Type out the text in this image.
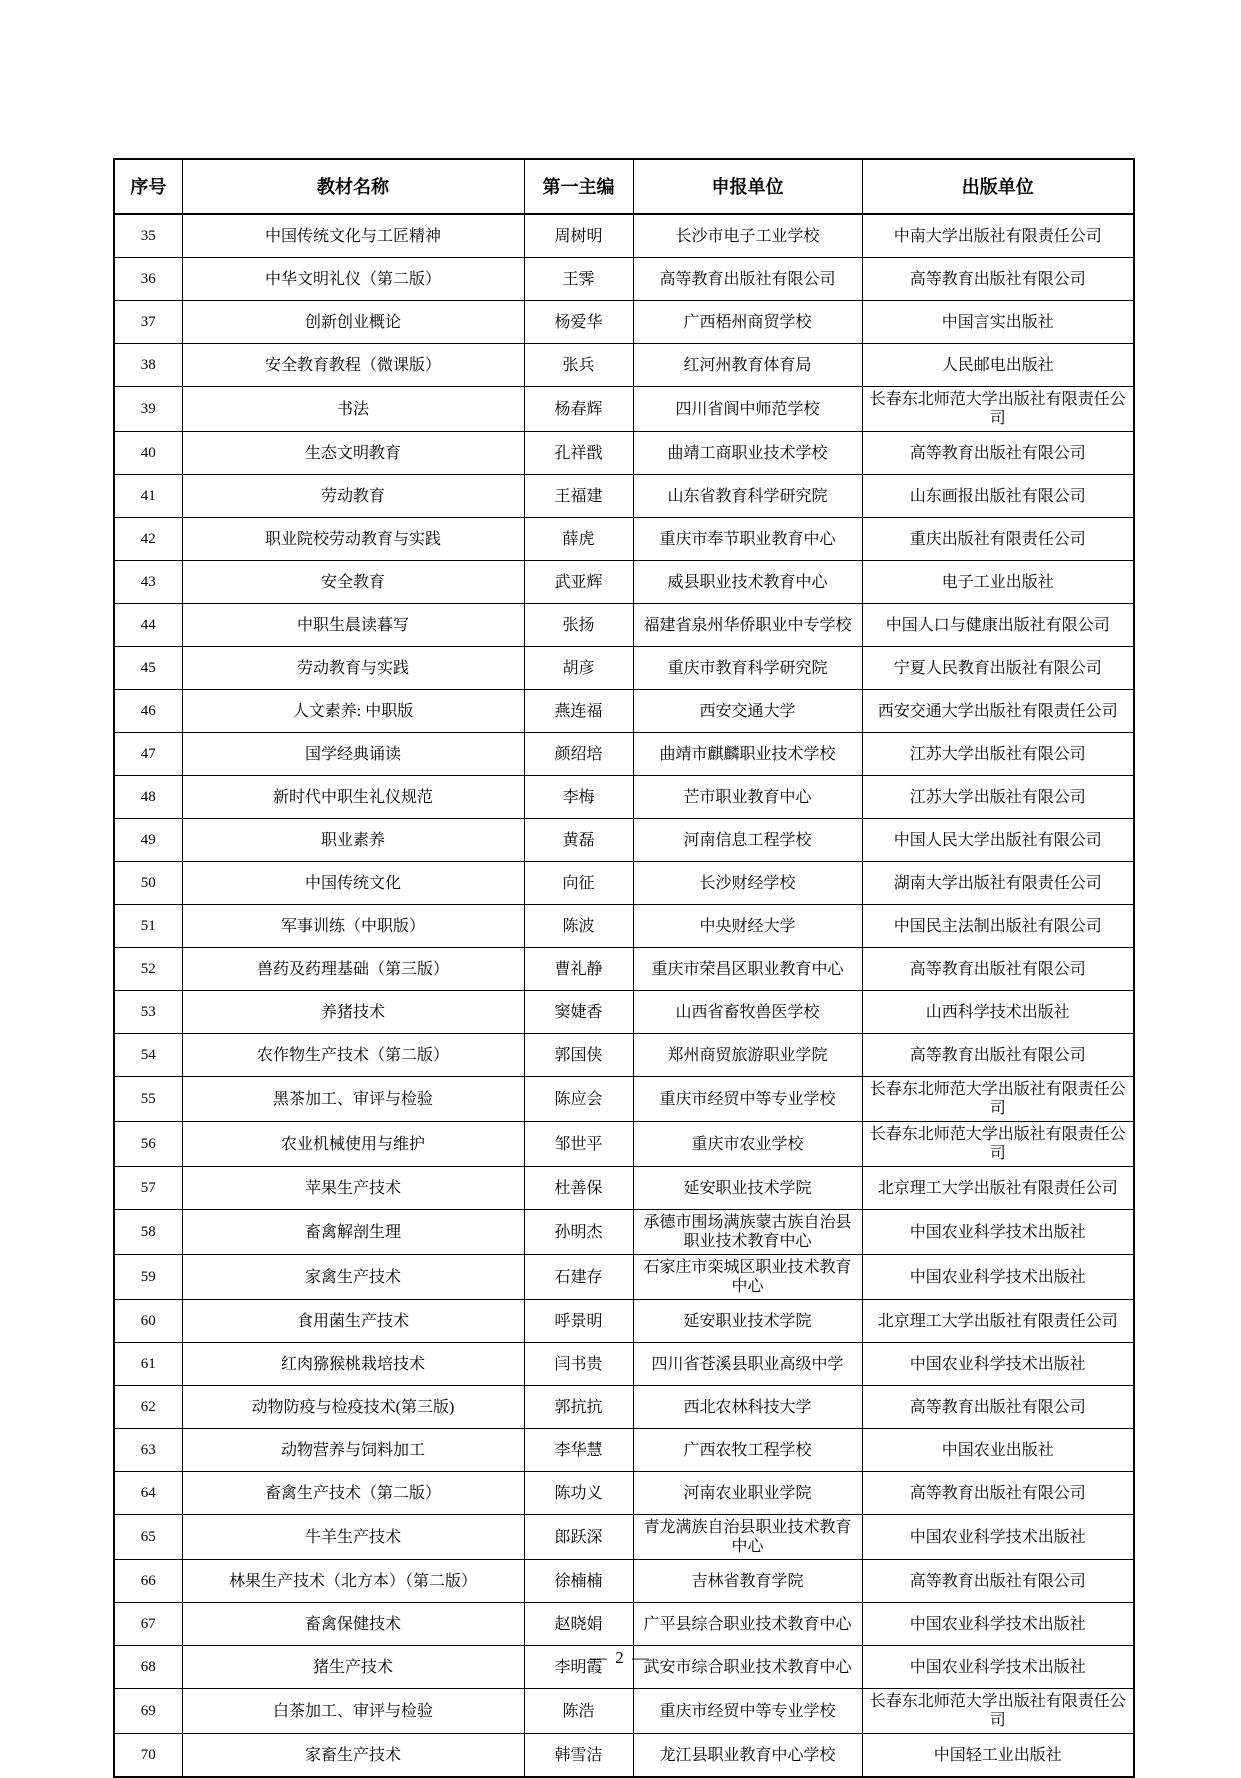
序号	教材名称	第一主编	申报单位	出版单位
35	中国传统文化与工匠精神	周树明	长沙市电子工业学校	中南大学出版社有限责任公司
36	中华文明礼仪（第二版）	王霁	高等教育出版社有限公司	高等教育出版社有限公司
37	创新创业概论	杨爱华	广西梧州商贸学校	中国言实出版社
38	安全教育教程（微课版）	张兵	红河州教育体育局	人民邮电出版社
39	书法	杨春辉	四川省阆中师范学校	长春东北师范大学出版社有限责任公司
40	生态文明教育	孔祥戬	曲靖工商职业技术学校	高等教育出版社有限公司
41	劳动教育	王福建	山东省教育科学研究院	山东画报出版社有限公司
42	职业院校劳动教育与实践	薛虎	重庆市奉节职业教育中心	重庆出版社有限责任公司
43	安全教育	武亚辉	威县职业技术教育中心	电子工业出版社
44	中职生晨读暮写	张扬	福建省泉州华侨职业中专学校	中国人口与健康出版社有限公司
45	劳动教育与实践	胡彦	重庆市教育科学研究院	宁夏人民教育出版社有限公司
46	人文素养: 中职版	燕连福	西安交通大学	西安交通大学出版社有限责任公司
47	国学经典诵读	颜绍培	曲靖市麒麟职业技术学校	江苏大学出版社有限公司
48	新时代中职生礼仪规范	李梅	芒市职业教育中心	江苏大学出版社有限公司
49	职业素养	黄磊	河南信息工程学校	中国人民大学出版社有限公司
50	中国传统文化	向征	长沙财经学校	湖南大学出版社有限责任公司
51	军事训练（中职版）	陈波	中央财经大学	中国民主法制出版社有限公司
52	兽药及药理基础（第三版）	曹礼静	重庆市荣昌区职业教育中心	高等教育出版社有限公司
53	养猪技术	窦婕香	山西省畜牧兽医学校	山西科学技术出版社
54	农作物生产技术（第二版）	郭国侠	郑州商贸旅游职业学院	高等教育出版社有限公司
55	黑茶加工、审评与检验	陈应会	重庆市经贸中等专业学校	长春东北师范大学出版社有限责任公司
56	农业机械使用与维护	邹世平	重庆市农业学校	长春东北师范大学出版社有限责任公司
57	苹果生产技术	杜善保	延安职业技术学院	北京理工大学出版社有限责任公司
58	畜禽解剖生理	孙明杰	承德市围场满族蒙古族自治县职业技术教育中心	中国农业科学技术出版社
59	家禽生产技术	石建存	石家庄市栾城区职业技术教育中心	中国农业科学技术出版社
60	食用菌生产技术	呼景明	延安职业技术学院	北京理工大学出版社有限责任公司
61	红肉猕猴桃栽培技术	闫书贵	四川省苍溪县职业高级中学	中国农业科学技术出版社
62	动物防疫与检疫技术(第三版)	郭抗抗	西北农林科技大学	高等教育出版社有限公司
63	动物营养与饲料加工	李华慧	广西农牧工程学校	中国农业出版社
64	畜禽生产技术（第二版）	陈功义	河南农业职业学院	高等教育出版社有限公司
65	牛羊生产技术	郎跃深	青龙满族自治县职业技术教育中心	中国农业科学技术出版社
66	林果生产技术（北方本）（第二版）	徐楠楠	吉林省教育学院	高等教育出版社有限公司
67	畜禽保健技术	赵晓娟	广平县综合职业技术教育中心	中国农业科学技术出版社
68	猪生产技术	李明霞	武安市综合职业技术教育中心	中国农业科学技术出版社
69	白茶加工、审评与检验	陈浩	重庆市经贸中等专业学校	长春东北师范大学出版社有限责任公司
70	家畜生产技术	韩雪洁	龙江县职业教育中心学校	中国轻工业出版社
— 2 —
